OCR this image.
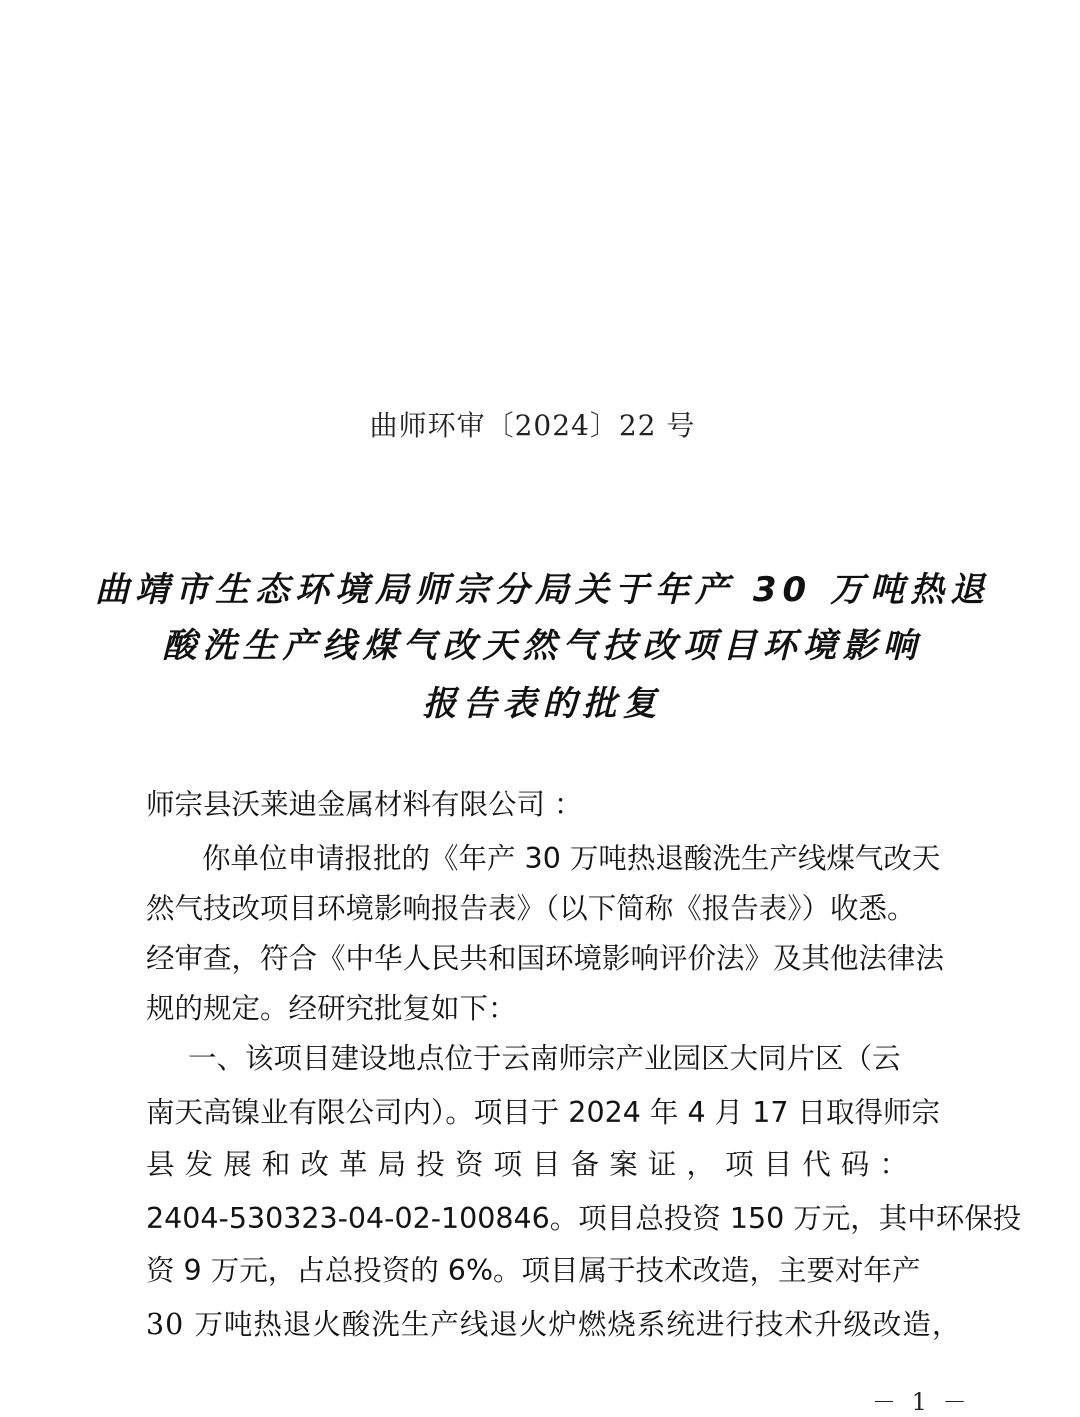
曲师环审〔2024〕22 号
曲靖市生态环境局师宗分局关于年产 30 万吨热退
酸洗生产线煤气改天然气技改项目环境影响
报告表的批复
师宗县沃莱迪金属材料有限公司 ：
你单位申请报批的《年产 30 万吨热退酸洗生产线煤气改天
然气技改项目环境影响报告表》（以下简称《报告表》）收悉。
经审查，符合《中华人民共和国环境影响评价法》及其他法律法
规的规定。经研究批复如下：
一、该项目建设地点位于云南师宗产业园区大同片区（云
南天高镍业有限公司内）。项目于 2024 年 4 月 17 日取得师宗
县发展和改革局投资项目备案证，项目代码：
2404-530323-04-02-100846。项目总投资 150 万元，其中环保投
资 9 万元，占总投资的 6%。项目属于技术改造，主要对年产
30 万吨热退火酸洗生产线退火炉燃烧系统进行技术升级改造，
－ 1 －
